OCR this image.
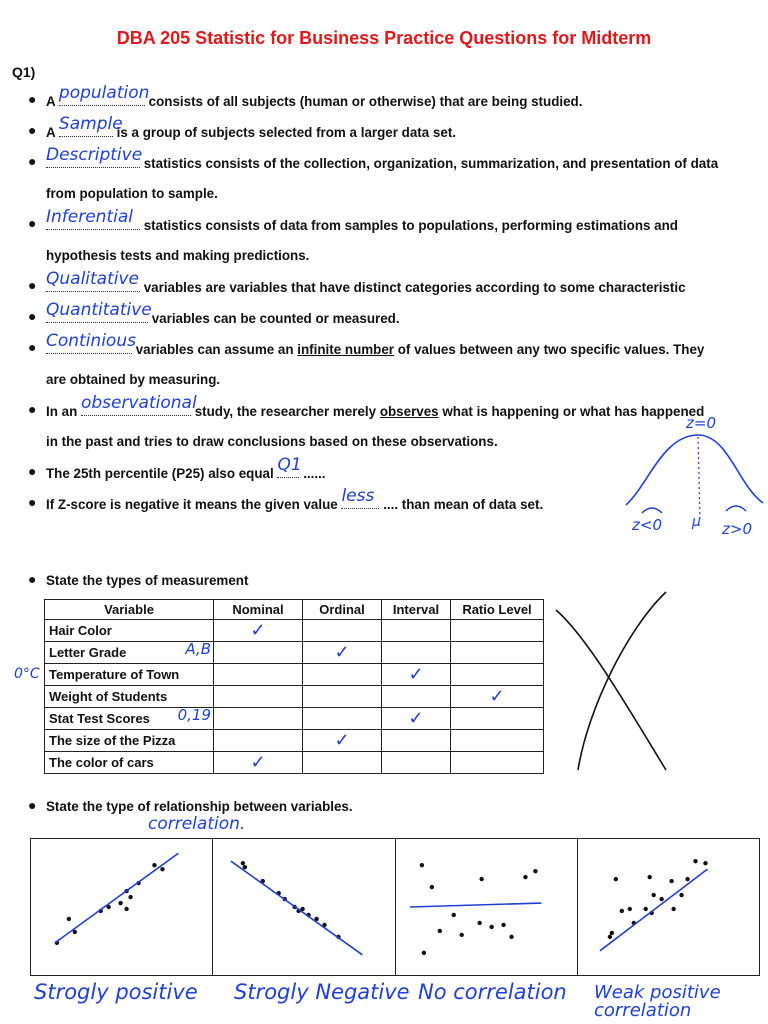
DBA 205 Statistic for Business Practice Questions for Midterm
Q1)
● A population consists of all subjects (human or otherwise) that are being studied.
● A Sample
is a group of subjects selected from a larger data set.
● Descriptive statistics consists of the collection, organization, summarization, and presentation of data
from population to sample.
● Inferential statistics consists of data from samples to populations, performing estimations and
hypothesis tests and making predictions.
● Qualitative variables are variables that have distinct categories according to some characteristic
● Quantitative variables can be counted or measured.
● Continious variables can assume an infinite number of values between any two specific values. They
are obtained by measuring.
● In an observational
study, the researcher merely observes what is happening or what has happened
in the past and tries to draw conclusions based on these observations.
● The 25th percentile (P25) also equal Q1 ......
● If Z-score is negative it means the given value less .... than mean of data set.
z=0
z<0 μ z>0
● State the types of measurement
Variable	Nominal	Ordinal	Interval	Ratio Level
Hair Color	✓			
Letter Grade A,B		✓		
Temperature of Town			✓	
Weight of Students				✓
Stat Test Scores 0,19			✓	
The size of the Pizza		✓		
The color of cars	✓			
0°C
● State the type of relationship between variables.
correlation.
Strogly positive Strogly Negative No correlation Weak positive correlation
